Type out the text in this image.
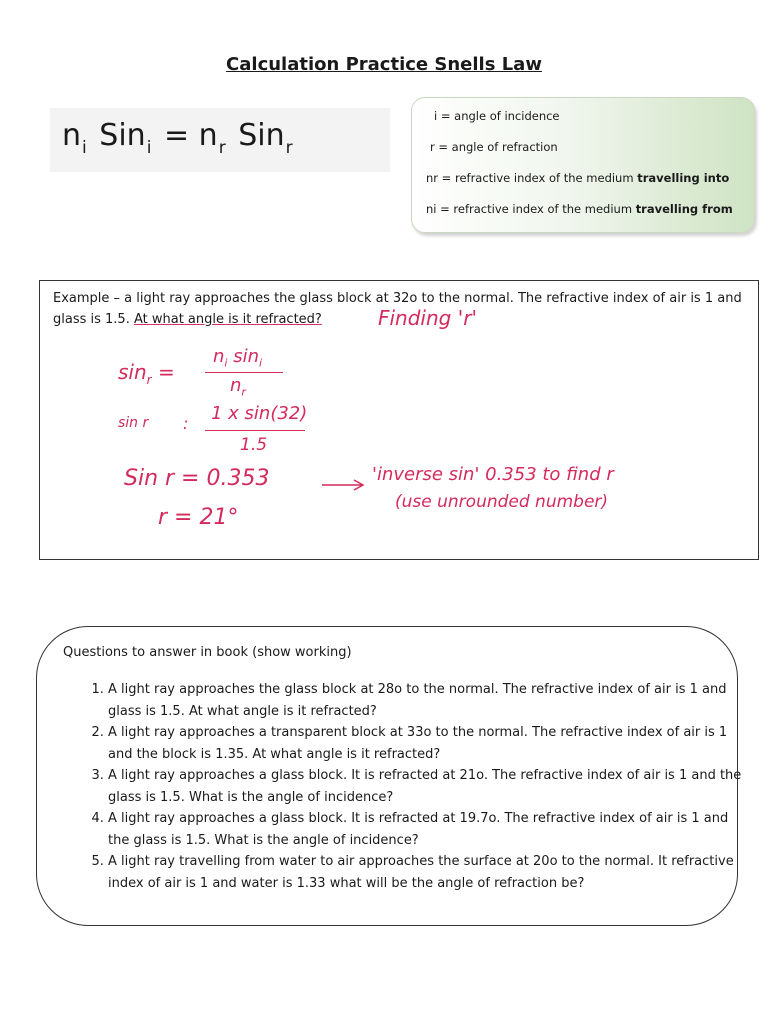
Calculation Practice Snells Law
$n_i$ $Sin_i = n_r$ Sin$_r$
i = angle of incidence
r = angle of refraction
nr = refractive index of the medium travelling into
ni = refractive index of the medium travelling from
Example – a light ray approaches the glass block at 32o to the normal. The refractive index of air is 1 and glass is 1.5. At what angle is it refracted?	Finding 'r'
$\sin_r$ =
$n_i$ $\sin_i$
$n_r$
sin r : 1 x sin(32)
1.5
Sin r = 0.353
r = 21°
'inverse sin' 0.353 to find r
(use unrounded number)
Questions to answer in book (show working)
1. A light ray approaches the glass block at 28o to the normal. The refractive index of air is 1 and glass is 1.5. At what angle is it refracted?
2. A light ray approaches a transparent block at 33o to the normal. The refractive index of air is 1 and the block is 1.35. At what angle is it refracted?
3. A light ray approaches a glass block. It is refracted at 21o. The refractive index of air is 1 and the glass is 1.5. What is the angle of incidence?
4. A light ray approaches a glass block. It is refracted at 19.7o. The refractive index of air is 1 and the glass is 1.5. What is the angle of incidence?
5. A light ray travelling from water to air approaches the surface at 20o to the normal. It refractive index of air is 1 and water is 1.33 what will be the angle of refraction be?
